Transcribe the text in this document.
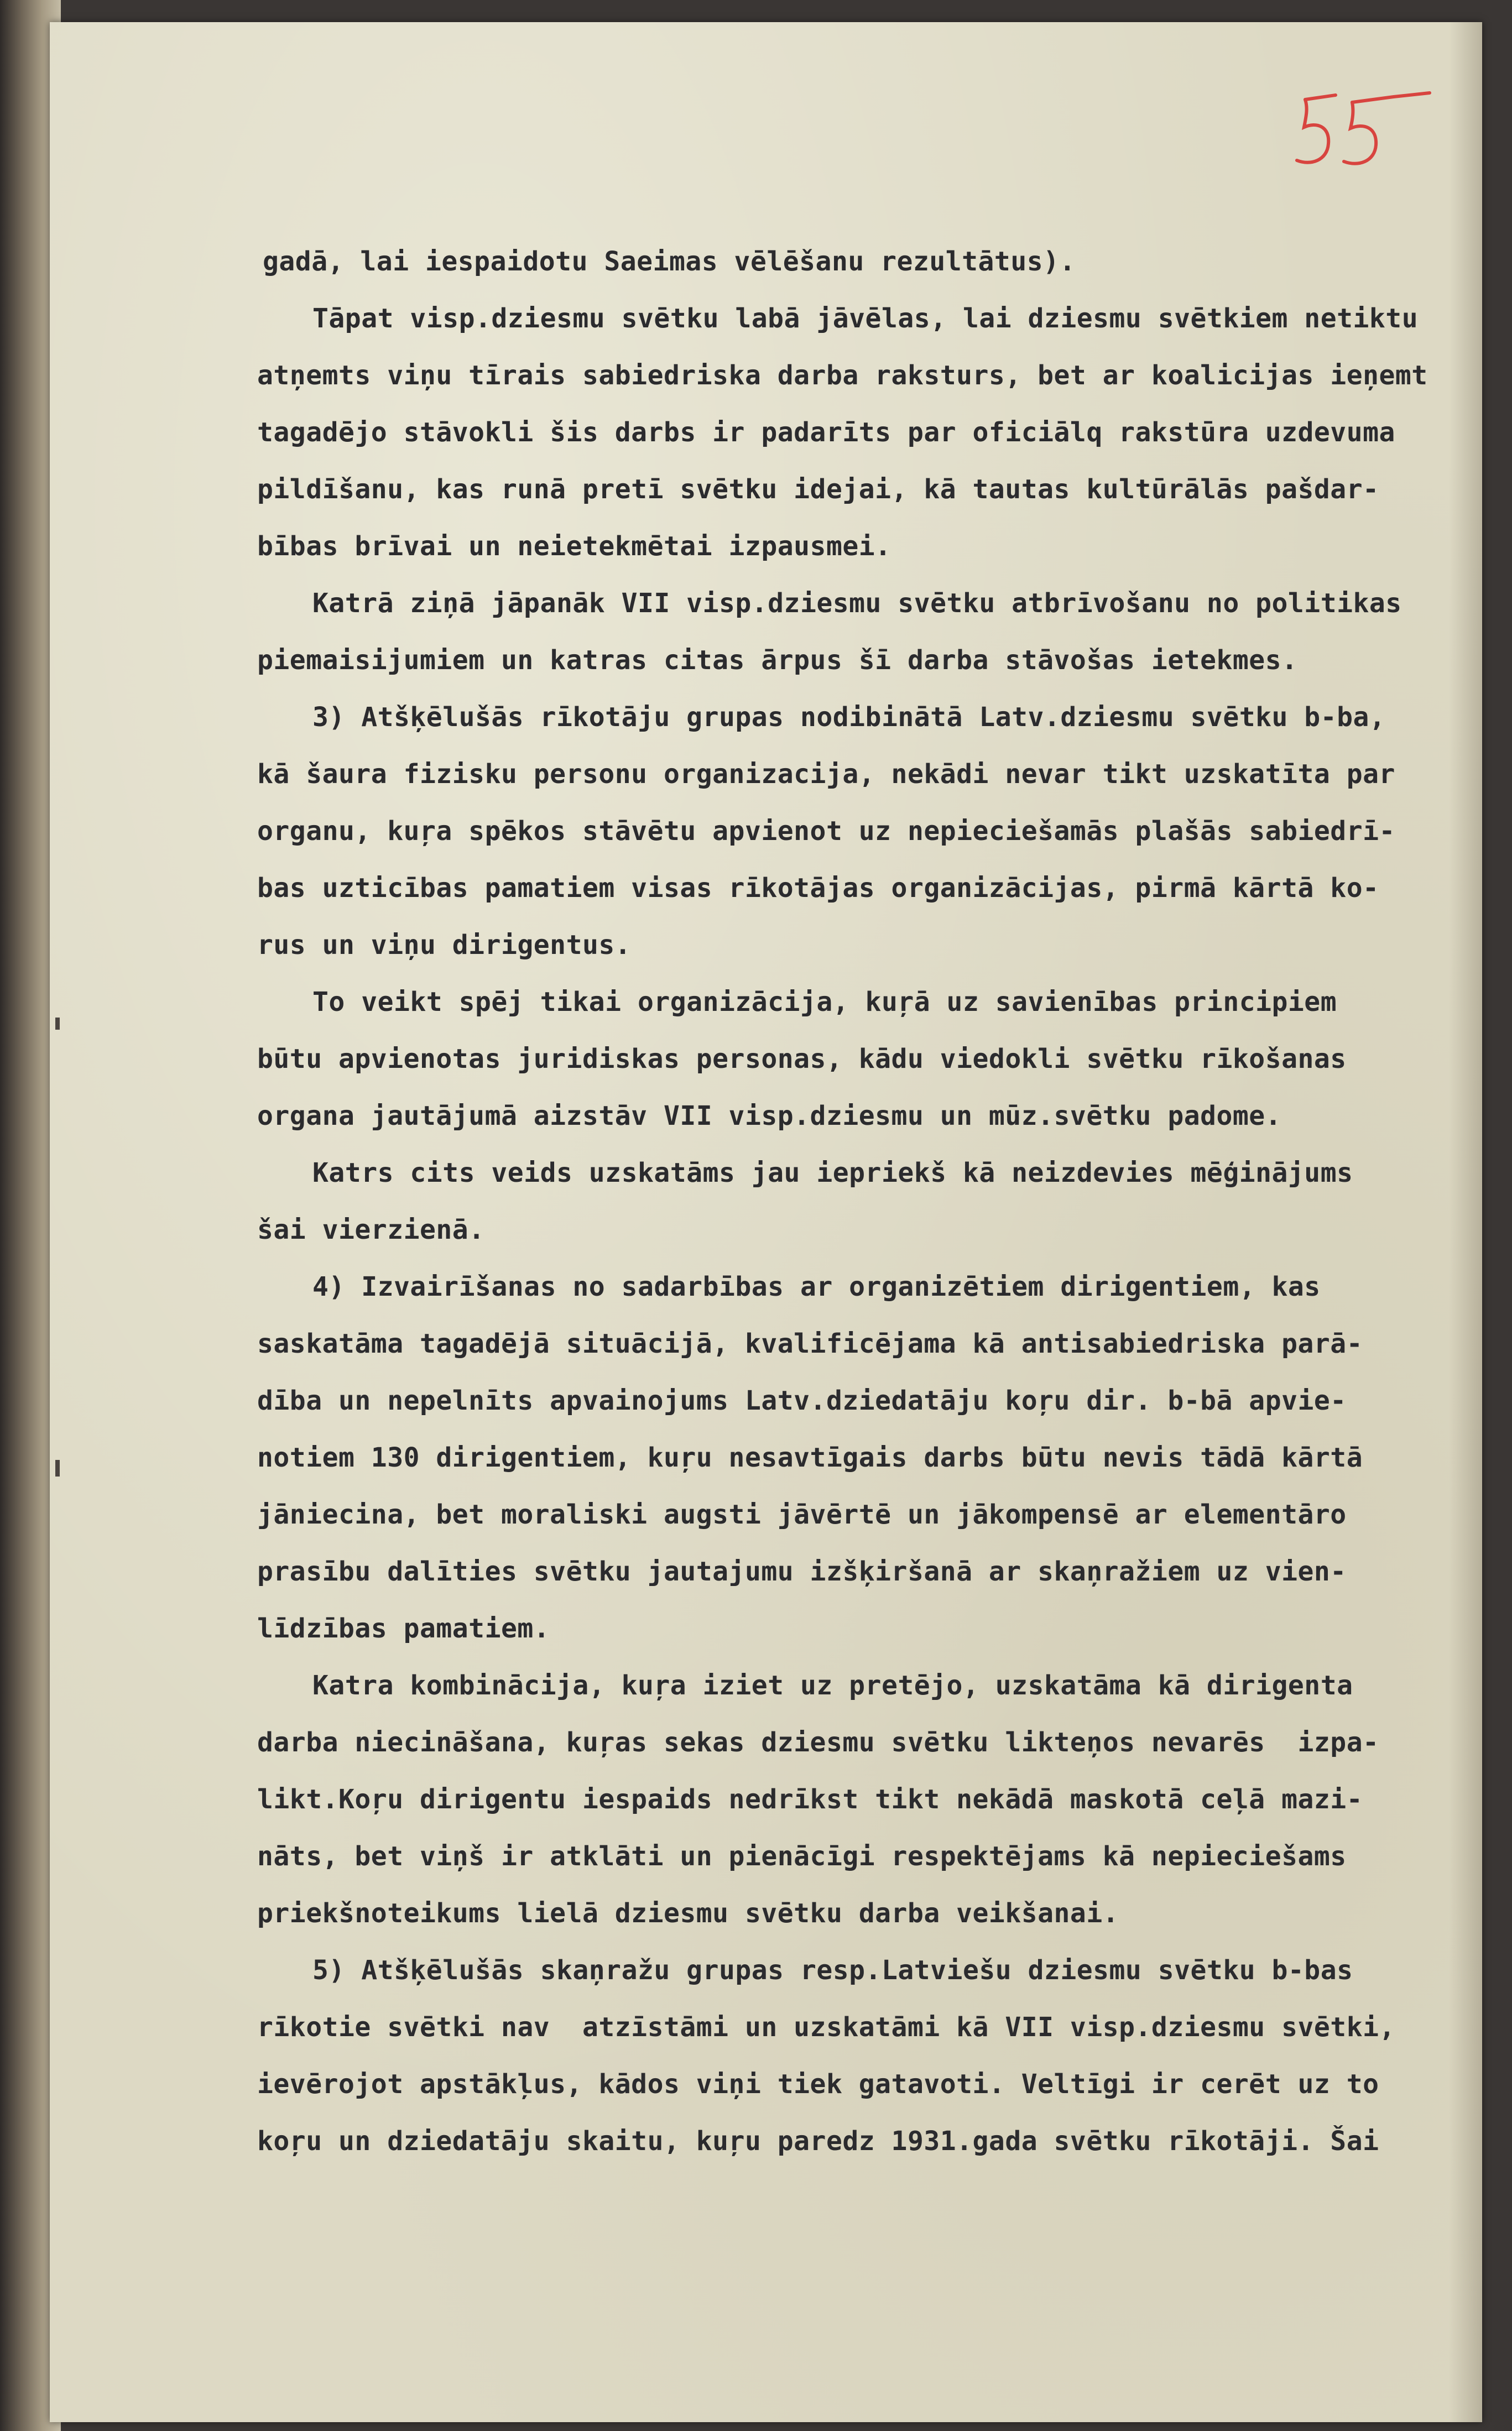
gadā, lai iespaidotu Saeimas vēlēšanu rezultātus).
Tāpat visp.dziesmu svētku labā jāvēlas, lai dziesmu svētkiem netiktu
atņemts viņu tīrais sabiedriska darba raksturs, bet ar koalicijas ieņemt
tagadējo stāvokli šis darbs ir padarīts par oficiālq rakstūra uzdevuma
pildīšanu, kas runā pretī svētku idejai, kā tautas kultūrālās pašdar-
bības brīvai un neietekmētai izpausmei.
Katrā ziņā jāpanāk VII visp.dziesmu svētku atbrīvošanu no politikas
piemaisijumiem un katras citas ārpus šī darba stāvošas ietekmes.
3) Atšķēlušās rīkotāju grupas nodibinātā Latv.dziesmu svētku b-ba,
kā šaura fizisku personu organizacija, nekādi nevar tikt uzskatīta par
organu, kuŗa spēkos stāvētu apvienot uz nepieciešamās plašās sabiedrī-
bas uzticības pamatiem visas rīkotājas organizācijas, pirmā kārtā ko-
rus un viņu dirigentus.
To veikt spēj tikai organizācija, kuŗā uz savienības principiem
būtu apvienotas juridiskas personas, kādu viedokli svētku rīkošanas
organa jautājumā aizstāv VII visp.dziesmu un mūz.svētku padome.
Katrs cits veids uzskatāms jau iepriekš kā neizdevies mēģinājums
šai vierzienā.
4) Izvairīšanas no sadarbības ar organizētiem dirigentiem, kas
saskatāma tagadējā situācijā, kvalificējama kā antisabiedriska parā-
dība un nepelnīts apvainojums Latv.dziedatāju koŗu dir. b-bā apvie-
notiem 130 dirigentiem, kuŗu nesavtīgais darbs būtu nevis tādā kārtā
jāniecina, bet moraliski augsti jāvērtē un jākompensē ar elementāro
prasību dalīties svētku jautajumu izšķiršanā ar skaņražiem uz vien-
līdzības pamatiem.
Katra kombinācija, kuŗa iziet uz pretējo, uzskatāma kā dirigenta
darba niecināšana, kuŗas sekas dziesmu svētku likteņos nevarēs  izpa-
likt.Koŗu dirigentu iespaids nedrīkst tikt nekādā maskotā ceļā mazi-
nāts, bet viņš ir atklāti un pienācīgi respektējams kā nepieciešams
priekšnoteikums lielā dziesmu svētku darba veikšanai.
5) Atšķēlušās skaņražu grupas resp.Latviešu dziesmu svētku b-bas
rīkotie svētki nav  atzīstāmi un uzskatāmi kā VII visp.dziesmu svētki,
ievērojot apstākļus, kādos viņi tiek gatavoti. Veltīgi ir cerēt uz to
koŗu un dziedatāju skaitu, kuŗu paredz 1931.gada svētku rīkotāji. Šai
